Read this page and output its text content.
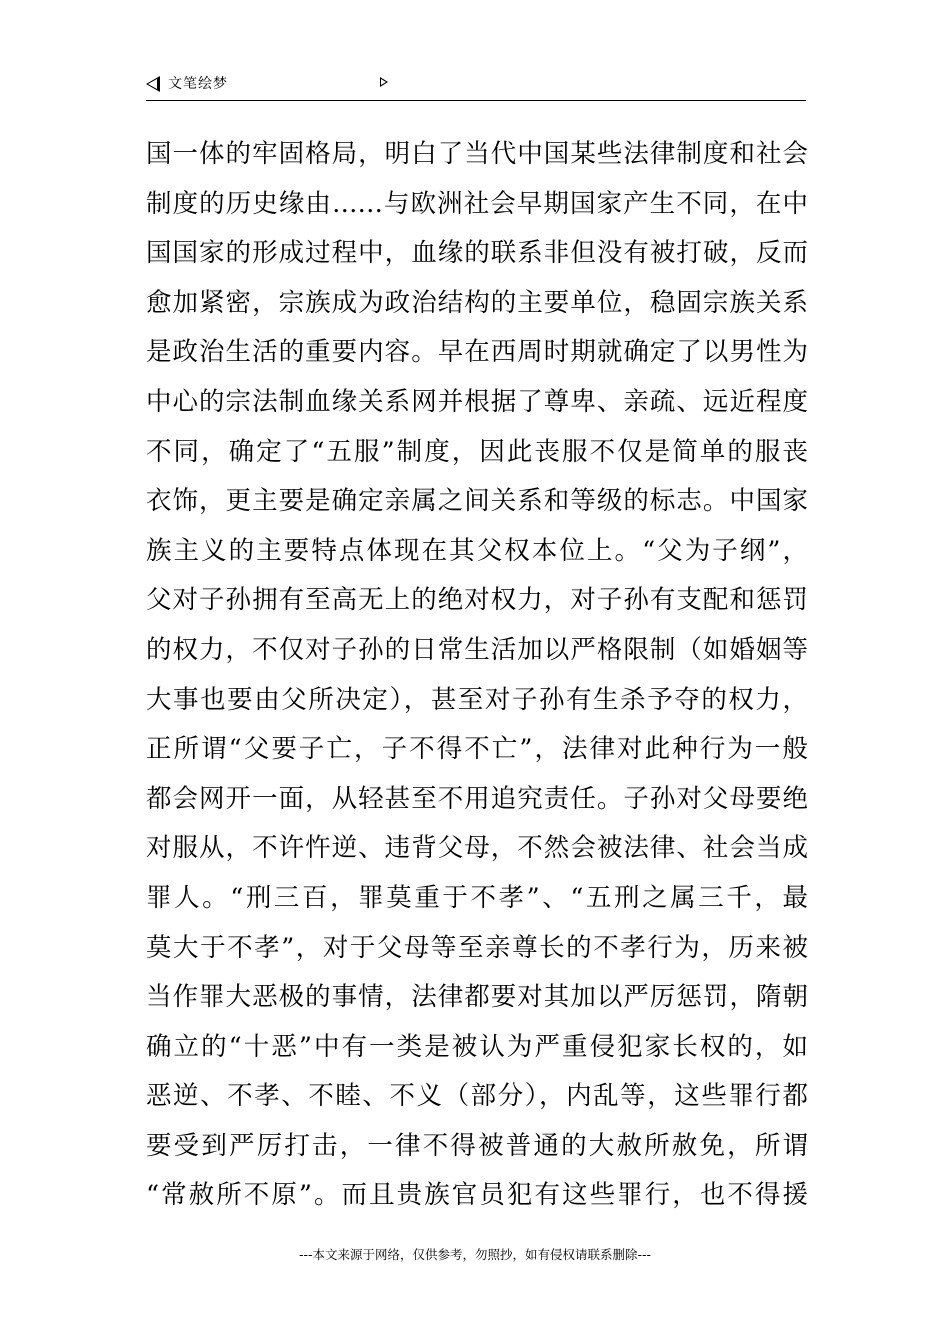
文笔绘梦
国一体的牢固格局，明白了当代中国某些法律制度和社会
制度的历史缘由……与欧洲社会早期国家产生不同，在中
国国家的形成过程中，血缘的联系非但没有被打破，反而
愈加紧密，宗族成为政治结构的主要单位，稳固宗族关系
是政治生活的重要内容。早在西周时期就确定了以男性为
中心的宗法制血缘关系网并根据了尊卑、亲疏、远近程度
不同，确定了“五服”制度，因此丧服不仅是简单的服丧
衣饰，更主要是确定亲属之间关系和等级的标志。中国家
族主义的主要特点体现在其父权本位上。“父为子纲”，
父对子孙拥有至高无上的绝对权力，对子孙有支配和惩罚
的权力，不仅对子孙的日常生活加以严格限制（如婚姻等
大事也要由父所决定），甚至对子孙有生杀予夺的权力，
正所谓“父要子亡，子不得不亡”，法律对此种行为一般
都会网开一面，从轻甚至不用追究责任。子孙对父母要绝
对服从，不许忤逆、违背父母，不然会被法律、社会当成
罪人。“刑三百，罪莫重于不孝”、“五刑之属三千，最
莫大于不孝”，对于父母等至亲尊长的不孝行为，历来被
当作罪大恶极的事情，法律都要对其加以严厉惩罚，隋朝
确立的“十恶”中有一类是被认为严重侵犯家长权的，如
恶逆、不孝、不睦、不义（部分），内乱等，这些罪行都
要受到严厉打击，一律不得被普通的大赦所赦免，所谓
“常赦所不原”。而且贵族官员犯有这些罪行，也不得援
---本文来源于网络，仅供参考，勿照抄，如有侵权请联系删除---
